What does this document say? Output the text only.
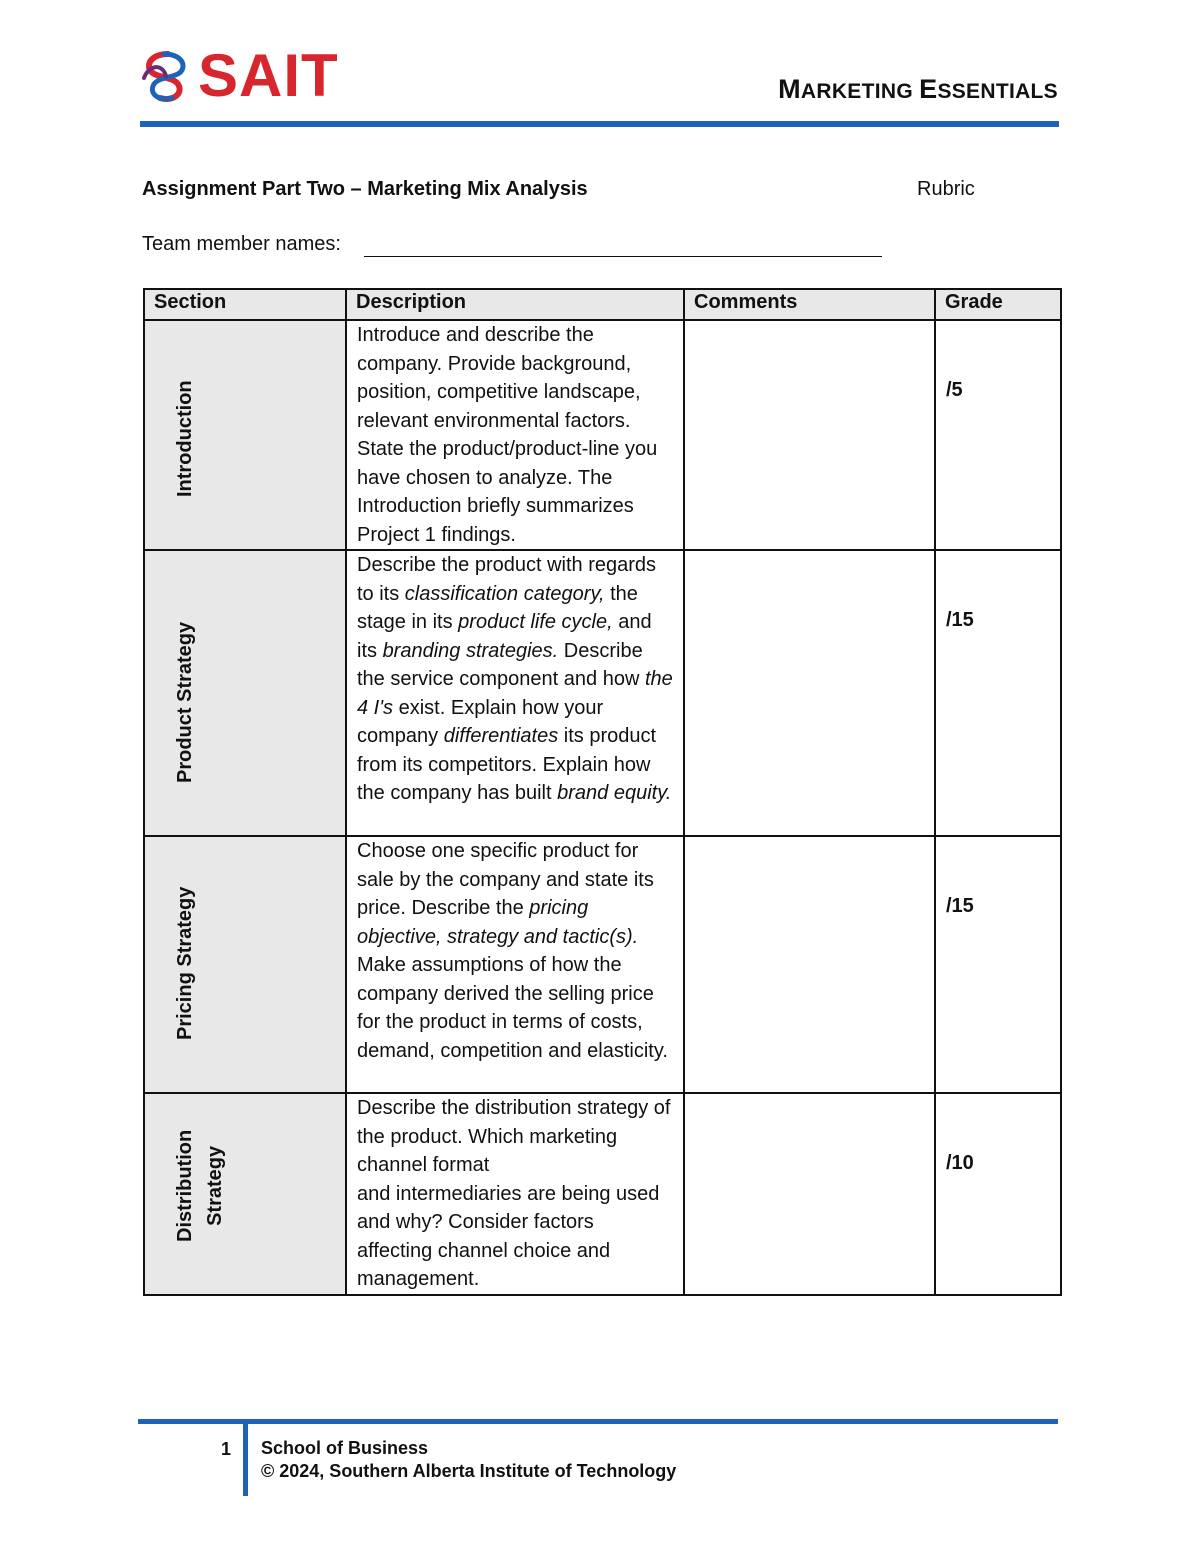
SAIT	MARKETING ESSENTIALS
Assignment Part Two – Marketing Mix Analysis	Rubric
Team member names:
Section	Description	Comments	Grade

Introduction	Introduce and describe the company. Provide background, position, competitive landscape, relevant environmental factors. State the product/product-line you have chosen to analyze. The Introduction briefly summarizes Project 1 findings.		/5

Product Strategy	Describe the product with regards to its classification category, the stage in its product life cycle, and its branding strategies. Describe the service component and how the 4 I's exist. Explain how your company differentiates its product from its competitors. Explain how the company has built brand equity.		/15

Pricing Strategy	Choose one specific product for sale by the company and state its price. Describe the pricing objective, strategy and tactic(s). Make assumptions of how the company derived the selling price for the product in terms of costs, demand, competition and elasticity.		/15

Distribution Strategy	Describe the distribution strategy of the product. Which marketing channel format
and intermediaries are being used and why? Consider factors affecting channel choice and management.		/10
1 School of Business
© 2024, Southern Alberta Institute of Technology
